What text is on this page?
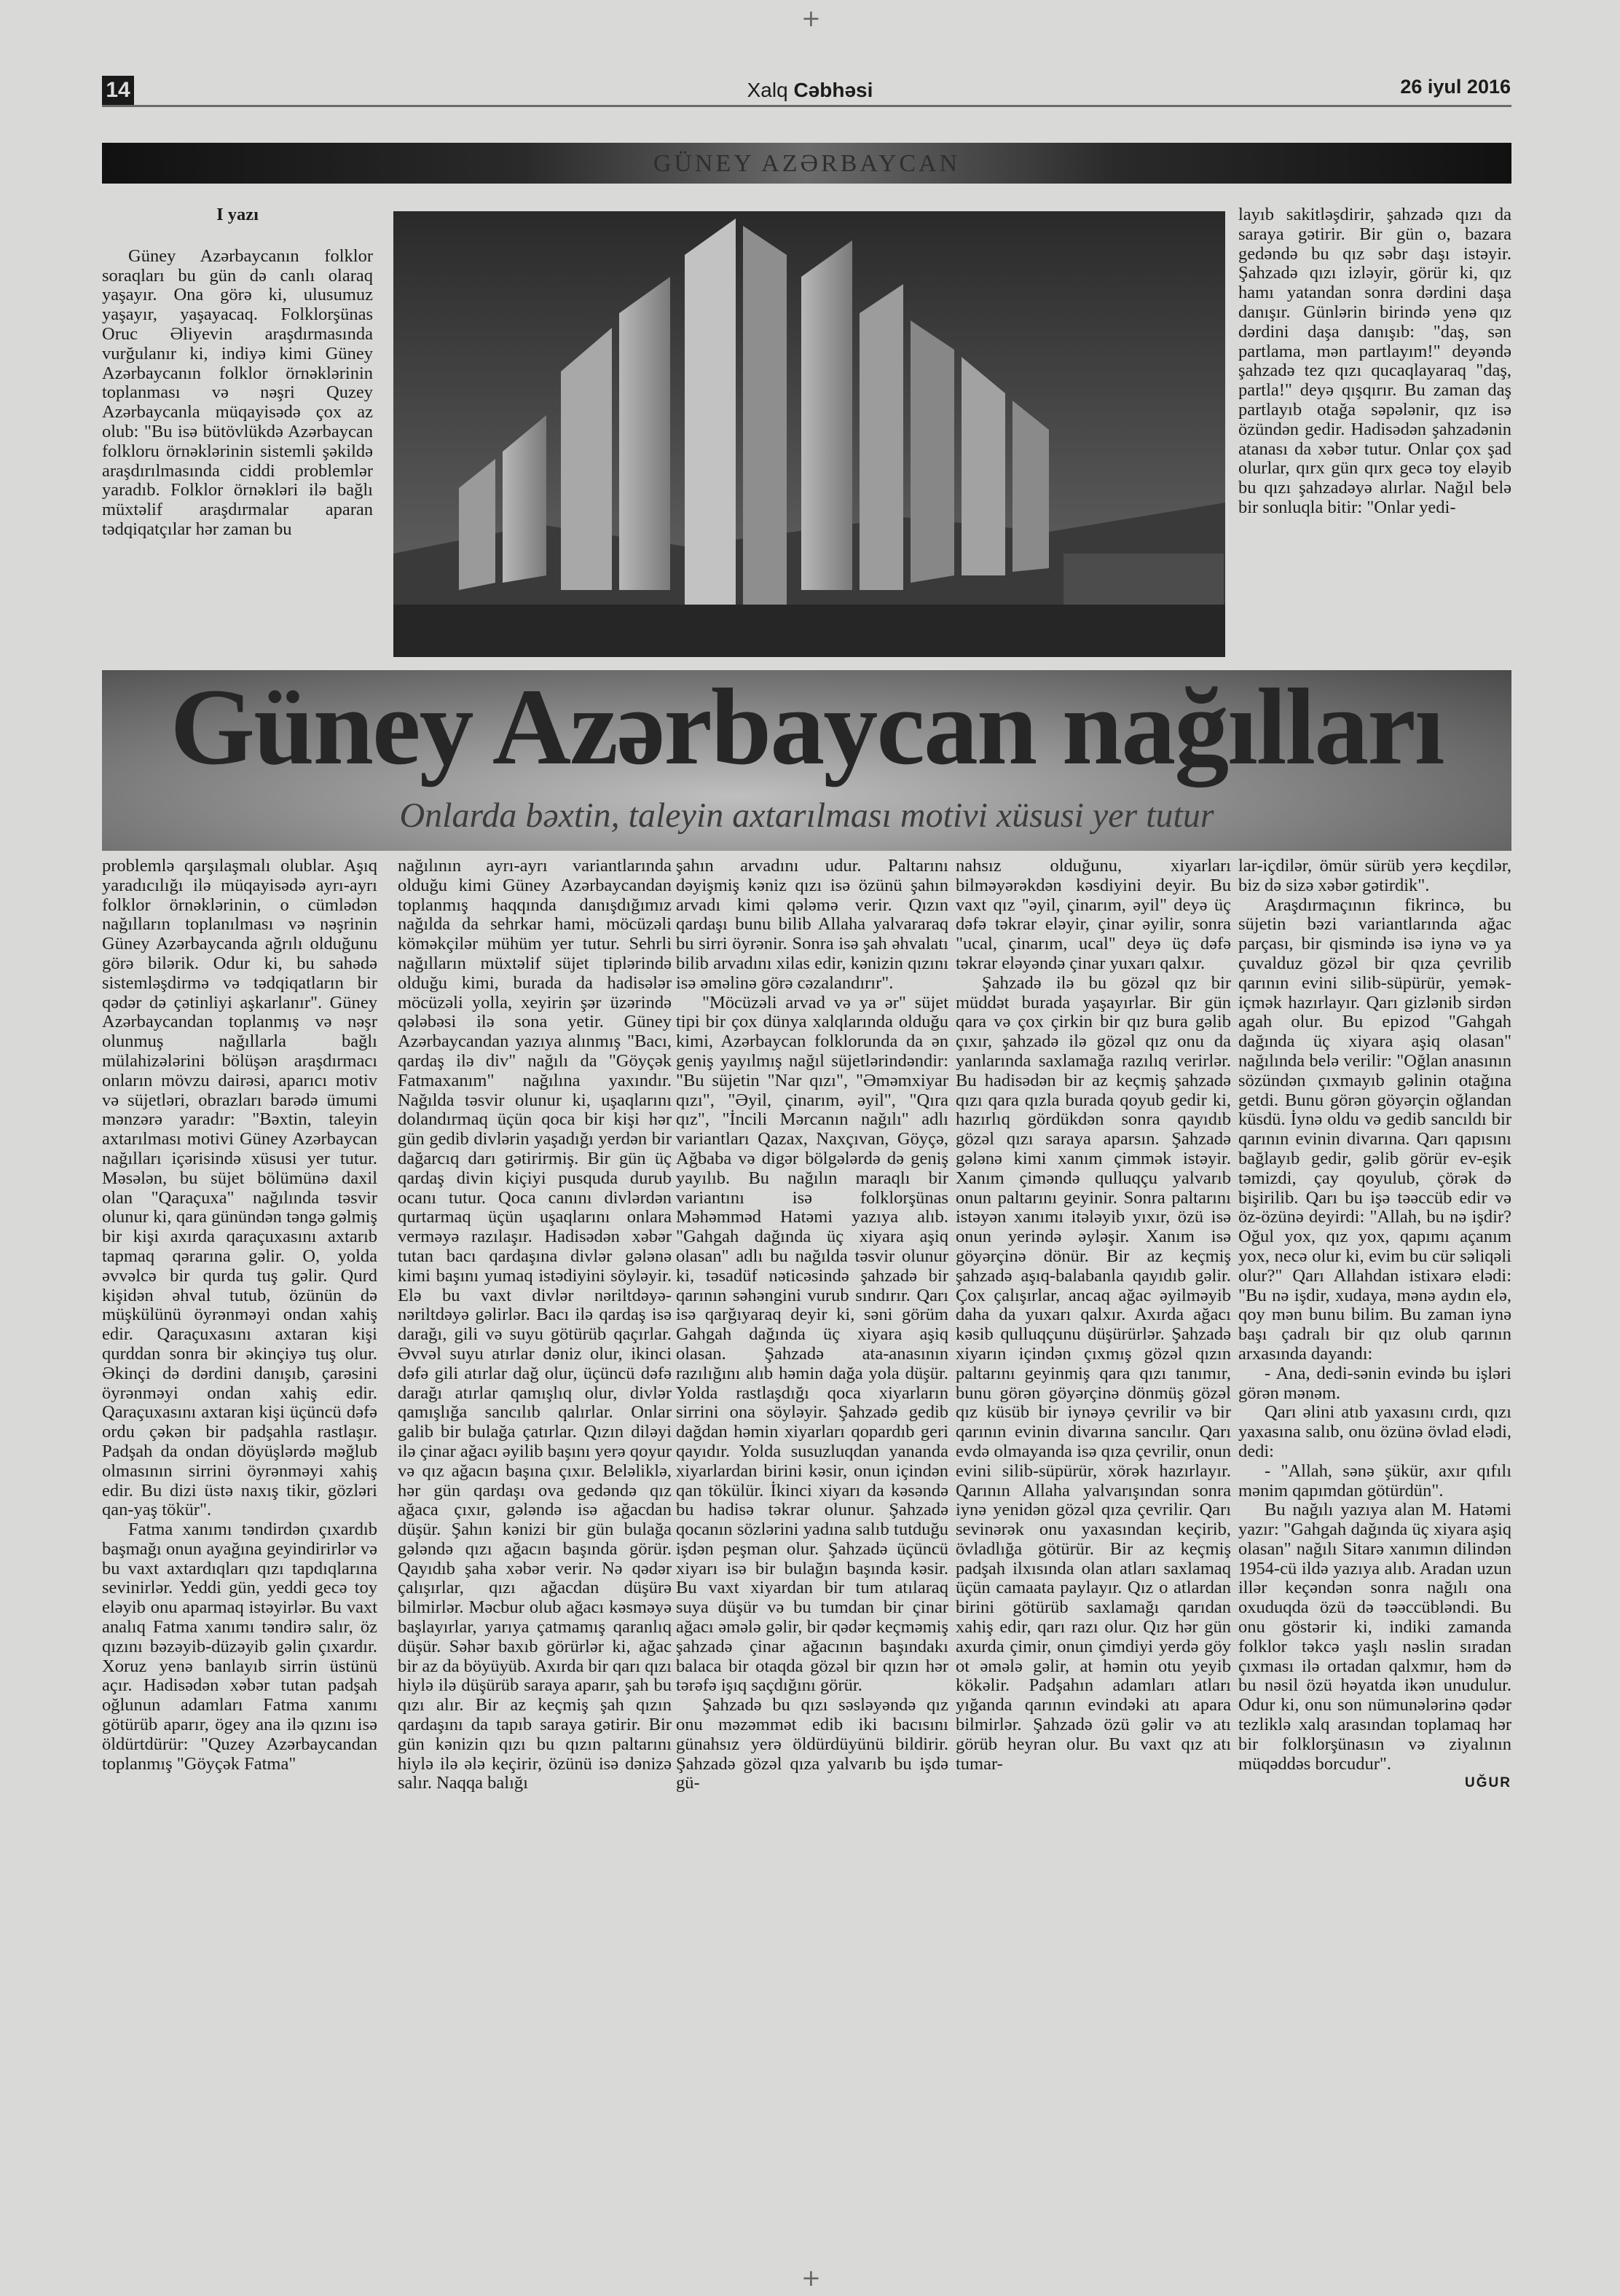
+
14	Xalq Cəbhəsi	26 iyul 2016
GÜNEY AZƏRBAYCAN

I yazı

Güney Azərbaycanın folklor soraqları bu gün də canlı olaraq yaşayır. Ona görə ki, ulusumuz yaşayır, yaşayacaq. Folklorşünas Oruc Əliyevin araşdırmasında vurğulanır ki, indiyə kimi Güney Azərbaycanın folklor örnəklərinin toplanması və nəşri Quzey Azərbaycanla müqayisədə çox az olub: "Bu isə bütövlükdə Azərbaycan folkloru örnəklərinin sistemli şəkildə araşdırılmasında ciddi problemlər yaradıb. Folklor örnəkləri ilə bağlı müxtəlif araşdırmalar aparan tədqiqatçılar hər zaman bu

layıb sakitləşdirir, şahzadə qızı da saraya gətirir. Bir gün o, bazara gedəndə bu qız səbr daşı istəyir. Şahzadə qızı izləyir, görür ki, qız hamı yatandan sonra dərdini daşa danışır. Günlərin birində yenə qız dərdini daşa danışıb: "daş, sən partlama, mən partlayım!" deyəndə şahzadə tez qızı qucaqlayaraq "daş, partla!" deyə qışqırır. Bu zaman daş partlayıb otağa səpələnir, qız isə özündən gedir. Hadisədən şahzadənin atanası da xəbər tutur. Onlar çox şad olurlar, qırx gün qırx gecə toy eləyib bu qızı şahzadəyə alırlar. Nağıl belə bir sonluqla bitir: "Onlar yedi-

Güney Azərbaycan nağılları
Onlarda bəxtin, taleyin axtarılması motivi xüsusi yer tutur

problemlə qarşılaşmalı olublar. Aşıq yaradıcılığı ilə müqayisədə ayrı-ayrı folklor örnəklərinin, o cümlədən nağılların toplanılması və nəşrinin Güney Azərbaycanda ağrılı olduğunu görə bilərik. Odur ki, bu sahədə sistemləşdirmə və tədqiqatların bir qədər də çətinliyi aşkarlanır". Güney Azərbaycandan toplanmış və nəşr olunmuş nağıllarla bağlı mülahizələrini bölüşən araşdırmacı onların mövzu dairəsi, aparıcı motiv və süjetləri, obrazları barədə ümumi mənzərə yaradır: "Bəxtin, taleyin axtarılması motivi Güney Azərbaycan nağılları içərisində xüsusi yer tutur. Məsələn, bu süjet bölümünə daxil olan "Qaraçuxa" nağılında təsvir olunur ki, qara günündən təngə gəlmiş bir kişi axırda qaraçuxasını axtarıb tapmaq qərarına gəlir. O, yolda əvvəlcə bir qurda tuş gəlir. Qurd kişidən əhval tutub, özünün də müşkülünü öyrənməyi ondan xahiş edir. Qaraçuxasını axtaran kişi qurddan sonra bir əkinçiyə tuş olur. Əkinçi də dərdini danışıb, çarəsini öyrənməyi ondan xahiş edir. Qaraçuxasını axtaran kişi üçüncü dəfə ordu çəkən bir padşahla rastlaşır. Padşah da ondan döyüşlərdə məğlub olmasının sirrini öyrənməyi xahiş edir. Bu dizi üstə naxış tikir, gözləri qan-yaş tökür".

Fatma xanımı təndirdən çıxardıb başmağı onun ayağına geyindirirlər və bu vaxt axtardıqları qızı tapdıqlarına sevinirlər. Yeddi gün, yeddi gecə toy eləyib onu aparmaq istəyirlər. Bu vaxt analıq Fatma xanımı təndirə salır, öz qızını bəzəyib-düzəyib gəlin çıxardır. Xoruz yenə banlayıb sirrin üstünü açır. Hadisədən xəbər tutan padşah oğlunun adamları Fatma xanımı götürüb aparır, ögey ana ilə qızını isə öldürtdürür: "Quzey Azərbaycandan toplanmış "Göyçək Fatma"

nağılının ayrı-ayrı variantlarında olduğu kimi Güney Azərbaycandan toplanmış haqqında danışdığımız nağılda da sehrkar hami, möcüzəli köməkçilər mühüm yer tutur. Sehrli nağılların müxtəlif süjet tiplərində olduğu kimi, burada da hadisələr möcüzəli yolla, xeyirin şər üzərində qələbəsi ilə sona yetir. Güney Azərbaycandan yazıya alınmış "Bacı, qardaş ilə div" nağılı da "Göyçək Fatmaxanım" nağılına yaxındır. Nağılda təsvir olunur ki, uşaqlarını dolandırmaq üçün qoca bir kişi hər gün gedib divlərin yaşadığı yerdən bir dağarcıq darı gətirirmiş. Bir gün üç qardaş divin kiçiyi pusquda durub ocanı tutur. Qoca canını divlərdən qurtarmaq üçün uşaqlarını onlara verməyə razılaşır. Hadisədən xəbər tutan bacı qardaşına divlər gələnə kimi başını yumaq istədiyini söyləyir. Elə bu vaxt divlər nəriltdəyə-nəriltdəyə gəlirlər. Bacı ilə qardaş isə darağı, gili və suyu götürüb qaçırlar. Əvvəl suyu atırlar dəniz olur, ikinci dəfə gili atırlar dağ olur, üçüncü dəfə darağı atırlar qamışlıq olur, divlər qamışlığa sancılıb qalırlar. Onlar galib bir bulağa çatırlar. Qızın diləyi ilə çinar ağacı əyilib başını yerə qoyur və qız ağacın başına çıxır. Beləliklə, hər gün qardaşı ova gedəndə qız ağaca çıxır, gələndə isə ağacdan düşür. Şahın kənizi bir gün bulağa gələndə qızı ağacın başında görür. Qayıdıb şaha xəbər verir. Nə qədər çalışırlar, qızı ağacdan düşürə bilmirlər. Məcbur olub ağacı kəsməyə başlayırlar, yarıya çatmamış qaranlıq düşür. Səhər baxıb görürlər ki, ağac bir az da böyüyüb. Axırda bir qarı qızı hiylə ilə düşürüb saraya aparır, şah bu qızı alır. Bir az keçmiş şah qızın qardaşını da tapıb saraya gətirir. Bir gün kənizin qızı bu qızın paltarını hiylə ilə ələ keçirir, özünü isə dənizə salır. Naqqa balığı

şahın arvadını udur. Paltarını dəyişmiş kəniz qızı isə özünü şahın arvadı kimi qələmə verir. Qızın qardaşı bunu bilib Allaha yalvararaq bu sirri öyrənir. Sonra isə şah əhvalatı bilib arvadını xilas edir, kənizin qızını isə əməlinə görə cəzalandırır".

"Möcüzəli arvad və ya ər" süjet tipi bir çox dünya xalqlarında olduğu kimi, Azərbaycan folklorunda da ən geniş yayılmış nağıl süjetlərindəndir: "Bu süjetin "Nar qızı", "Əməmxiyar qızı", "Əyil, çinarım, əyil", "Qıra qız", "İncili Mərcanın nağılı" adlı variantları Qazax, Naxçıvan, Göyçə, Ağbaba və digər bölgələrdə də geniş yayılıb. Bu nağılın maraqlı bir variantını isə folklorşünas Məhəmməd Hatəmi yazıya alıb. "Gahgah dağında üç xiyara aşiq olasan" adlı bu nağılda təsvir olunur ki, təsadüf nəticəsində şahzadə bir qarının səhəngini vurub sındırır. Qarı isə qarğıyaraq deyir ki, səni görüm Gahgah dağında üç xiyara aşiq olasan. Şahzadə ata-anasının razılığını alıb həmin dağa yola düşür. Yolda rastlaşdığı qoca xiyarların sirrini ona söyləyir. Şahzadə gedib dağdan həmin xiyarları qopardıb geri qayıdır. Yolda susuzluqdan yananda xiyarlardan birini kəsir, onun içindən qan tökülür. İkinci xiyarı da kəsəndə bu hadisə təkrar olunur. Şahzadə qocanın sözlərini yadına salıb tutduğu işdən peşman olur. Şahzadə üçüncü xiyarı isə bir bulağın başında kəsir. Bu vaxt xiyardan bir tum atılaraq suya düşür və bu tumdan bir çinar ağacı əmələ gəlir, bir qədər keçməmiş şahzadə çinar ağacının başındakı balaca bir otaqda gözəl bir qızın hər tərəfə işıq saçdığını görür.

Şahzadə bu qızı səsləyəndə qız onu məzəmmət edib iki bacısını günahsız yerə öldürdüyünü bildirir. Şahzadə gözəl qıza yalvarıb bu işdə gü-

nahsız olduğunu, xiyarları bilməyərəkdən kəsdiyini deyir. Bu vaxt qız "əyil, çinarım, əyil" deyə üç dəfə təkrar eləyir, çinar əyilir, sonra "ucal, çinarım, ucal" deyə üç dəfə təkrar eləyəndə çinar yuxarı qalxır.

Şahzadə ilə bu gözəl qız bir müddət burada yaşayırlar. Bir gün qara və çox çirkin bir qız bura gəlib çıxır, şahzadə ilə gözəl qız onu da yanlarında saxlamağa razılıq verirlər. Bu hadisədən bir az keçmiş şahzadə qızı qara qızla burada qoyub gedir ki, hazırlıq gördükdən sonra qayıdıb gözəl qızı saraya aparsın. Şahzadə gələnə kimi xanım çimmək istəyir. Xanım çiməndə qulluqçu yalvarıb onun paltarını geyinir. Sonra paltarını istəyən xanımı itələyib yıxır, özü isə onun yerində əyləşir. Xanım isə göyərçinə dönür. Bir az keçmiş şahzadə aşıq-balabanla qayıdıb gəlir. Çox çalışırlar, ancaq ağac əyilməyib daha da yuxarı qalxır. Axırda ağacı kəsib qulluqçunu düşürürlər. Şahzadə xiyarın içindən çıxmış gözəl qızın paltarını geyinmiş qara qızı tanımır, bunu görən göyərçinə dönmüş gözəl qız küsüb bir iynəyə çevrilir və bir qarının evinin divarına sancılır. Qarı evdə olmayanda isə qıza çevrilir, onun evini silib-süpürür, xörək hazırlayır. Qarının Allaha yalvarışından sonra iynə yenidən gözəl qıza çevrilir. Qarı sevinərək onu yaxasından keçirib, övladlığa götürür. Bir az keçmiş padşah ilxısında olan atları saxlamaq üçün camaata paylayır. Qız o atlardan birini götürüb saxlamağı qarıdan xahiş edir, qarı razı olur. Qız hər gün axurda çimir, onun çimdiyi yerdə göy ot əmələ gəlir, at həmin otu yeyib kökəlir. Padşahın adamları atları yığanda qarının evindəki atı apara bilmirlər. Şahzadə özü gəlir və atı görüb heyran olur. Bu vaxt qız atı tumar-

lar-içdilər, ömür sürüb yerə keçdilər, biz də sizə xəbər gətirdik".

Araşdırmaçının fikrincə, bu süjetin bəzi variantlarında ağac parçası, bir qismində isə iynə və ya çuvalduz gözəl bir qıza çevrilib qarının evini silib-süpürür, yemək-içmək hazırlayır. Qarı gizlənib sirdən agah olur. Bu epizod "Gahgah dağında üç xiyara aşiq olasan" nağılında belə verilir: "Oğlan anasının sözündən çıxmayıb gəlinin otağına getdi. Bunu görən göyərçin oğlandan küsdü. İynə oldu və gedib sancıldı bir qarının evinin divarına. Qarı qapısını bağlayıb gedir, gəlib görür ev-eşik təmizdi, çay qoyulub, çörək də bişirilib. Qarı bu işə təəccüb edir və öz-özünə deyirdi: "Allah, bu nə işdir? Oğul yox, qız yox, qapımı açanım yox, necə olur ki, evim bu cür səliqəli olur?" Qarı Allahdan istixarə elədi: "Bu nə işdir, xudaya, mənə aydın elə, qoy mən bunu bilim. Bu zaman iynə başı çadralı bir qız olub qarının arxasında dayandı:

- Ana, dedi-sənin evində bu işləri görən mənəm.

Qarı əlini atıb yaxasını cırdı, qızı yaxasına salıb, onu özünə övlad elədi, dedi:

- "Allah, sənə şükür, axır qıfılı mənim qapımdan götürdün".

Bu nağılı yazıya alan M. Hatəmi yazır: "Gahgah dağında üç xiyara aşiq olasan" nağılı Sitarə xanımın dilindən 1954-cü ildə yazıya alıb. Aradan uzun illər keçəndən sonra nağılı ona oxuduqda özü də təəccübləndi. Bu onu göstərir ki, indiki zamanda folklor təkcə yaşlı nəslin sıradan çıxması ilə ortadan qalxmır, həm də bu nəsil özü həyatda ikən unudulur. Odur ki, onu son nümunələrinə qədər tezliklə xalq arasından toplamaq hər bir folklorşünasın və ziyalının müqəddəs borcudur".

UĞUR

+
